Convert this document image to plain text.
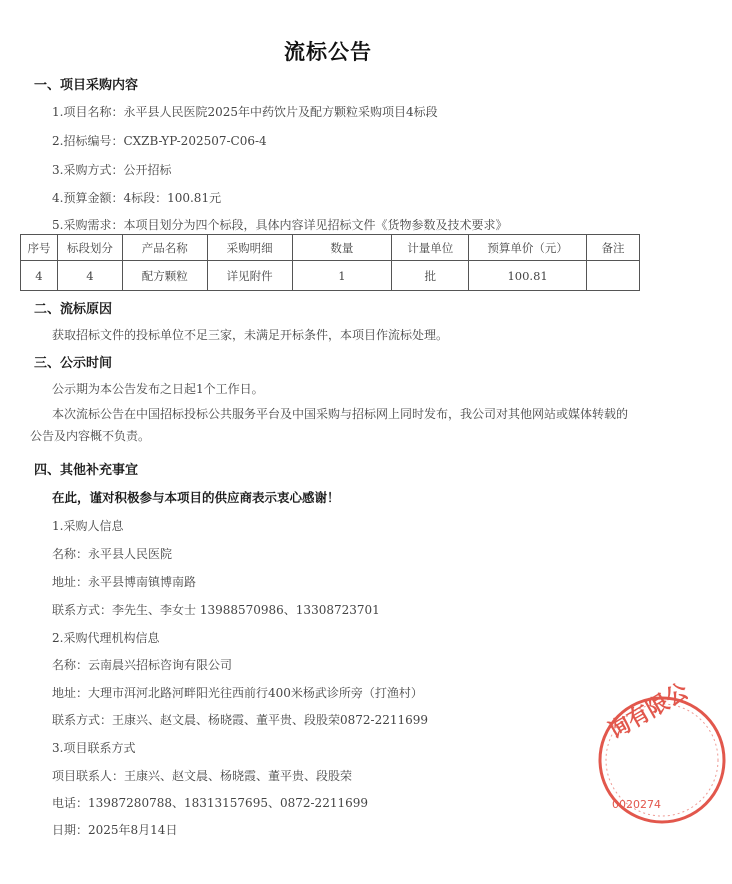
流标公告
一、项目采购内容
1.项目名称：永平县人民医院2025年中药饮片及配方颗粒采购项目4标段
2.招标编号：CXZB-YP-202507-C06-4
3.采购方式：公开招标
4.预算金额：4标段：100.81元
5.采购需求：本项目划分为四个标段，具体内容详见招标文件《货物参数及技术要求》
序号	标段划分	产品名称	采购明细	数量	计量单位	预算单价（元）	备注
4	4	配方颗粒	详见附件	1	批	100.81	
二、流标原因
获取招标文件的投标单位不足三家，未满足开标条件，本项目作流标处理。
三、公示时间
公示期为本公告发布之日起1个工作日。
本次流标公告在中国招标投标公共服务平台及中国采购与招标网上同时发布，我公司对其他网站或媒体转载的公告及内容概不负责。
四、其他补充事宜
在此，谨对积极参与本项目的供应商表示衷心感谢！
1.采购人信息
名称：永平县人民医院
地址：永平县博南镇博南路
联系方式：李先生、李女士 13988570986、13308723701
2.采购代理机构信息
名称：云南晨兴招标咨询有限公司
地址：大理市洱河北路河畔阳光往西前行400米杨武诊所旁（打渔村）
联系方式：王康兴、赵文晨、杨晓霞、董平贵、段股荣0872-2211699
3.项目联系方式
项目联系人：王康兴、赵文晨、杨晓霞、董平贵、段股荣
电话：13987280788、18313157695、0872-2211699
日期：2025年8月14日
询有限公
0020274
